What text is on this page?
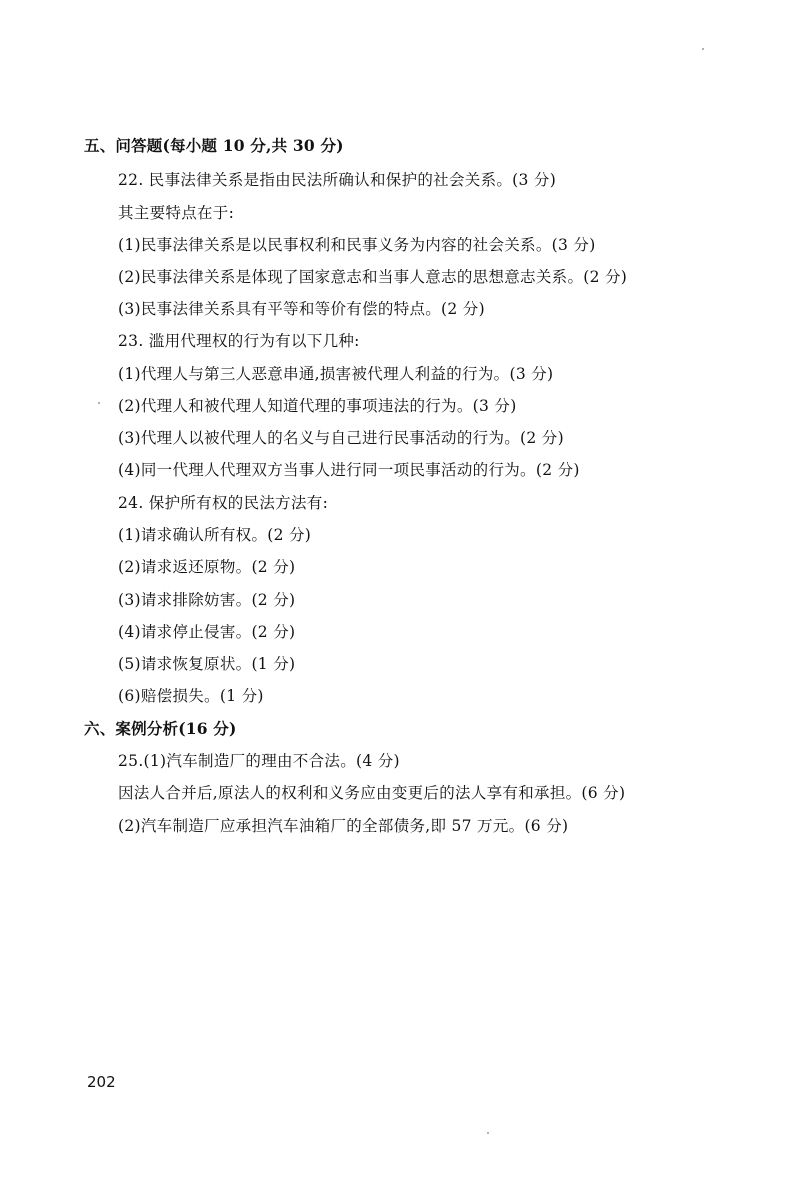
五、问答题(每小题 10 分,共 30 分)
22. 民事法律关系是指由民法所确认和保护的社会关系。(3 分)
其主要特点在于:
(1)民事法律关系是以民事权利和民事义务为内容的社会关系。(3 分)
(2)民事法律关系是体现了国家意志和当事人意志的思想意志关系。(2 分)
(3)民事法律关系具有平等和等价有偿的特点。(2 分)
23. 滥用代理权的行为有以下几种:
(1)代理人与第三人恶意串通,损害被代理人利益的行为。(3 分)
(2)代理人和被代理人知道代理的事项违法的行为。(3 分)
(3)代理人以被代理人的名义与自己进行民事活动的行为。(2 分)
(4)同一代理人代理双方当事人进行同一项民事活动的行为。(2 分)
24. 保护所有权的民法方法有:
(1)请求确认所有权。(2 分)
(2)请求返还原物。(2 分)
(3)请求排除妨害。(2 分)
(4)请求停止侵害。(2 分)
(5)请求恢复原状。(1 分)
(6)赔偿损失。(1 分)
六、案例分析(16 分)
25.(1)汽车制造厂的理由不合法。(4 分)
因法人合并后,原法人的权利和义务应由变更后的法人享有和承担。(6 分)
(2)汽车制造厂应承担汽车油箱厂的全部债务,即 57 万元。(6 分)
202
